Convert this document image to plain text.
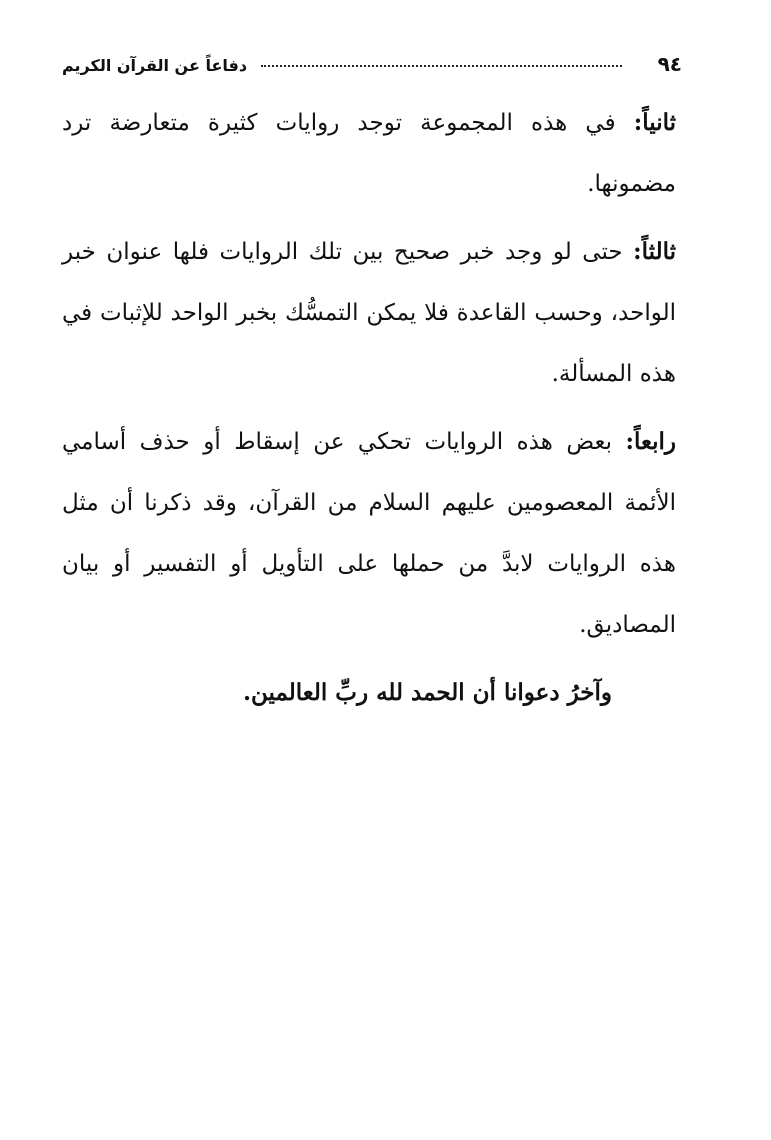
٩٤
دفاعاً عن القرآن الكريم

ثانياً: في هذه المجموعة توجد روايات كثيرة متعارضة ترد مضمونها.

ثالثاً: حتى لو وجد خبر صحيح بين تلك الروايات فلها عنوان خبر الواحد، وحسب القاعدة فلا يمكن التمسُّك بخبر الواحد للإثبات في هذه المسألة.

رابعاً: بعض هذه الروايات تحكي عن إسقاط أو حذف أسامي الأئمة المعصومين عليهم السلام من القرآن، وقد ذكرنا أن مثل هذه الروايات لابدَّ من حملها على التأويل أو التفسير أو بيان المصاديق.

وآخرُ دعوانا أن الحمد لله ربِّ العالمين.
